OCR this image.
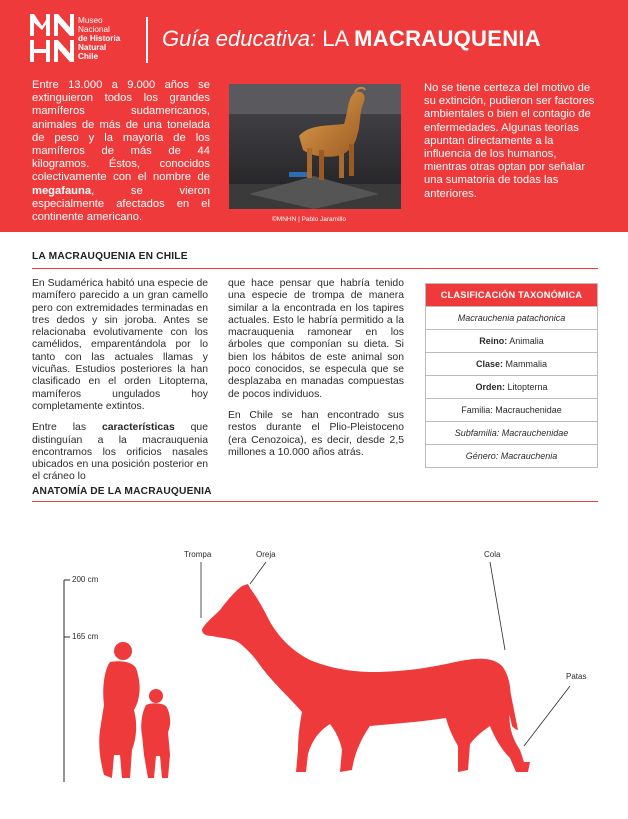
Museo
Nacional
de Historia
Natural
Chile
Guía educativa: LA MACRAUQUENIA
Entre 13.000 a 9.000 años se extinguieron todos los grandes mamíferos sudamericanos, animales de más de una tonelada de peso y la mayoría de los mamíferos de más de 44 kilogramos. Éstos, conocidos colectivamente con el nombre de megafauna, se vieron especialmente afectados en el continente americano.	©MNHN | Pablo Jaramillo
No se tiene certeza del motivo de su extinción, pudieron ser factores ambientales o bien el contagio de enfermedades. Algunas teorías apuntan directamente a la influencia de los humanos, mientras otras optan por señalar una sumatoria de todas las anteriores.
LA MACRAUQUENIA EN CHILE

En Sudamérica habitó una especie de mamífero parecido a un gran camello pero con extremidades terminadas en tres dedos y sin joroba. Antes se relacionaba evolutivamente con los camélidos, emparentándola por lo tanto con las actuales llamas y vicuñas. Estudios posteriores la han clasificado en el orden Litopterna, mamíferos ungulados hoy completamente extintos.

Entre las características que distinguían a la macrauquenia encontramos los orificios nasales ubicados en una posición posterior en el cráneo lo

que hace pensar que habría tenido una especie de trompa de manera similar a la encontrada en los tapires actuales. Esto le habría permitido a la macrauquenia ramonear en los árboles que componían su dieta. Si bien los hábitos de este animal son poco conocidos, se especula que se desplazaba en manadas compuestas de pocos individuos.

En Chile se han encontrado sus restos durante el Plio-Pleistoceno (era Cenozoica), es decir, desde 2,5 millones a 10.000 años atrás.

CLASIFICACIÓN TAXONÓMICA
Macrauchenia patachonica
Reino: Animalia
Clase: Mammalia
Orden: Litopterna
Familia: Macrauchenidae
Subfamilia: Macrauchenidae
Género: Macrauchenia
ANATOMÍA DE LA MACRAUQUENIA
Trompa	Oreja	Cola
Patas
200 cm
165 cm
